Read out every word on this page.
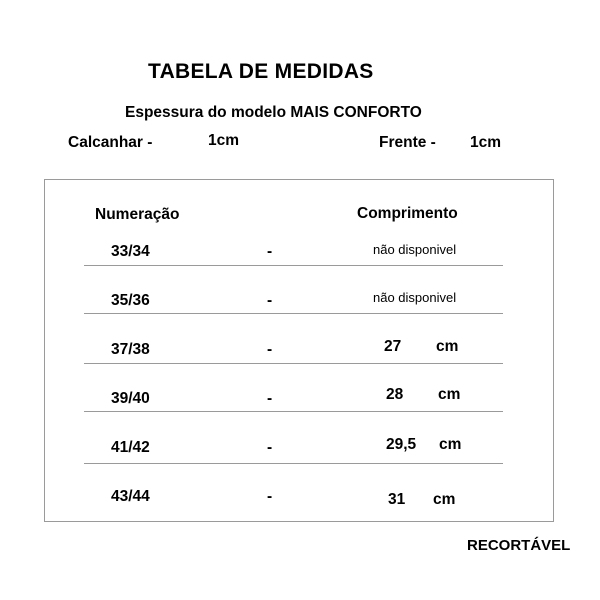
TABELA DE MEDIDAS
Espessura do modelo MAIS CONFORTO
Calcanhar -	1cm	Frente - 1cm
Numeração	Comprimento
33/34	-	não disponivel
35/36	-	não disponivel
37/38	-	27 cm
39/40	-	28 cm
41/42	-	29,5 cm
43/44	-	31 cm
RECORTÁVEL
